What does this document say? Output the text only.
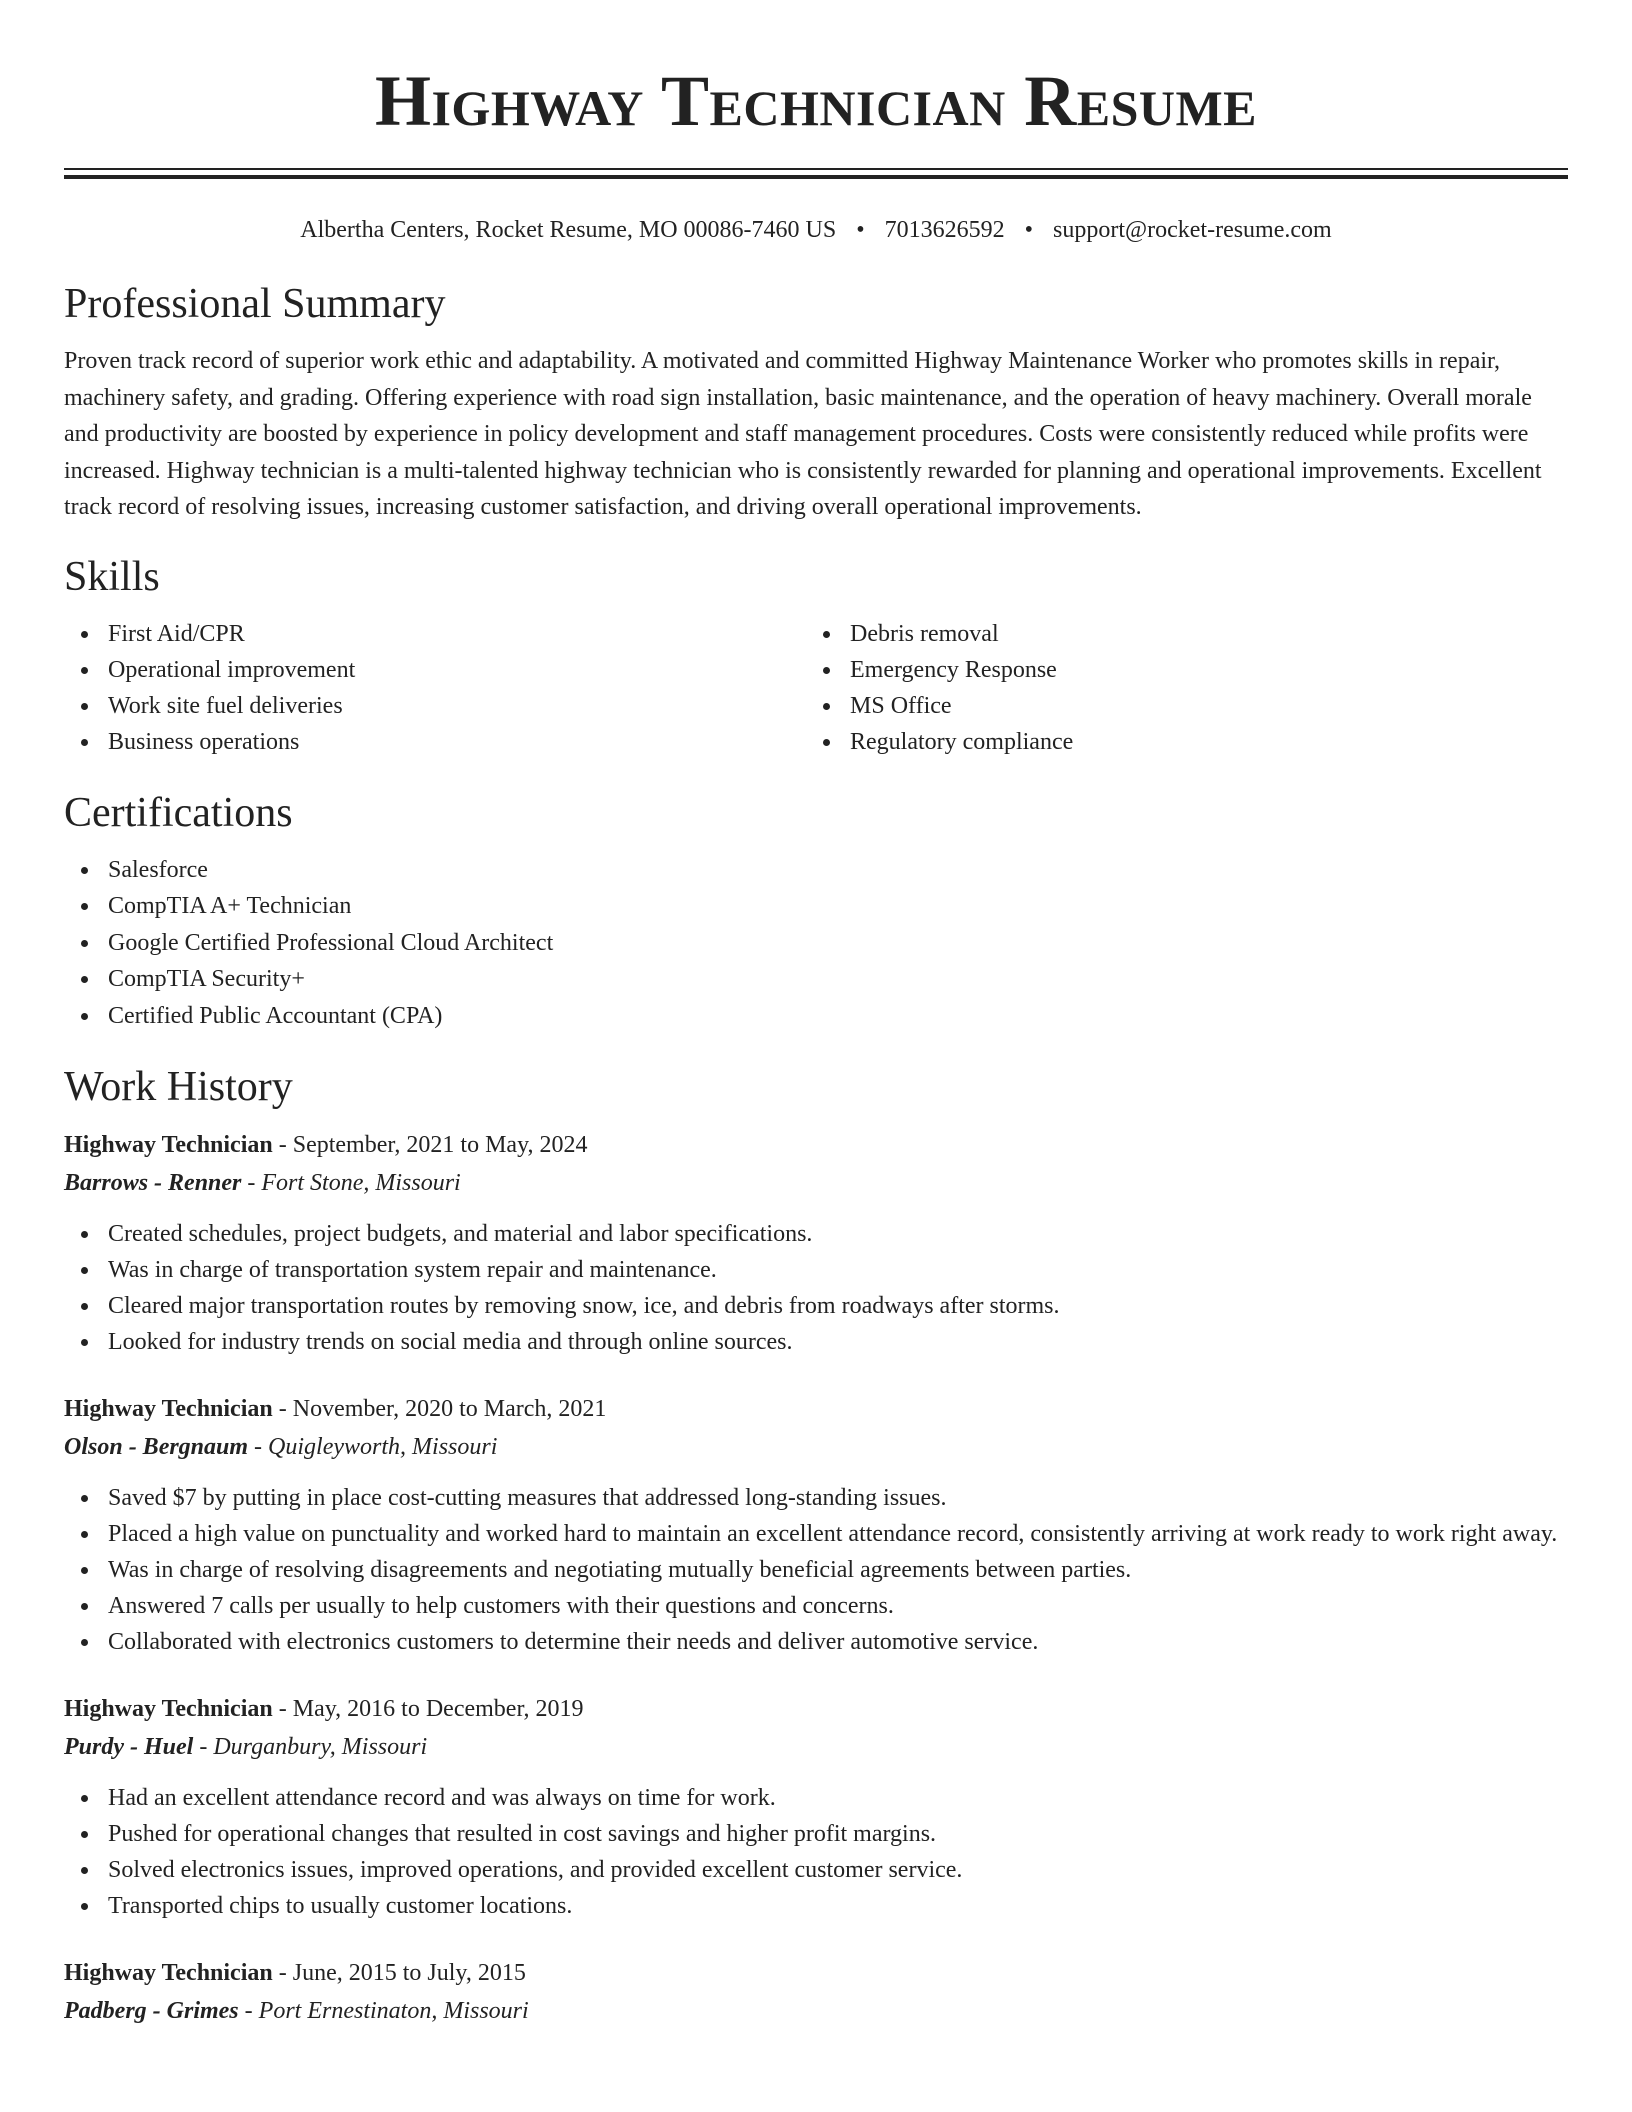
Highway Technician Resume
Albertha Centers, Rocket Resume, MO 00086-7460 US • 7013626592 • support@rocket-resume.com
Professional Summary
Proven track record of superior work ethic and adaptability. A motivated and committed Highway Maintenance Worker who promotes skills in repair, machinery safety, and grading. Offering experience with road sign installation, basic maintenance, and the operation of heavy machinery. Overall morale and productivity are boosted by experience in policy development and staff management procedures. Costs were consistently reduced while profits were increased. Highway technician is a multi-talented highway technician who is consistently rewarded for planning and operational improvements. Excellent track record of resolving issues, increasing customer satisfaction, and driving overall operational improvements.
Skills
First Aid/CPR
Operational improvement
Work site fuel deliveries
Business operations
Debris removal
Emergency Response
MS Office
Regulatory compliance
Certifications
Salesforce
CompTIA A+ Technician
Google Certified Professional Cloud Architect
CompTIA Security+
Certified Public Accountant (CPA)
Work History
Highway Technician - September, 2021 to May, 2024
Barrows - Renner - Fort Stone, Missouri
Created schedules, project budgets, and material and labor specifications.
Was in charge of transportation system repair and maintenance.
Cleared major transportation routes by removing snow, ice, and debris from roadways after storms.
Looked for industry trends on social media and through online sources.
Highway Technician - November, 2020 to March, 2021
Olson - Bergnaum - Quigleyworth, Missouri
Saved $7 by putting in place cost-cutting measures that addressed long-standing issues.
Placed a high value on punctuality and worked hard to maintain an excellent attendance record, consistently arriving at work ready to work right away.
Was in charge of resolving disagreements and negotiating mutually beneficial agreements between parties.
Answered 7 calls per usually to help customers with their questions and concerns.
Collaborated with electronics customers to determine their needs and deliver automotive service.
Highway Technician - May, 2016 to December, 2019
Purdy - Huel - Durganbury, Missouri
Had an excellent attendance record and was always on time for work.
Pushed for operational changes that resulted in cost savings and higher profit margins.
Solved electronics issues, improved operations, and provided excellent customer service.
Transported chips to usually customer locations.
Highway Technician - June, 2015 to July, 2015
Padberg - Grimes - Port Ernestinaton, Missouri
